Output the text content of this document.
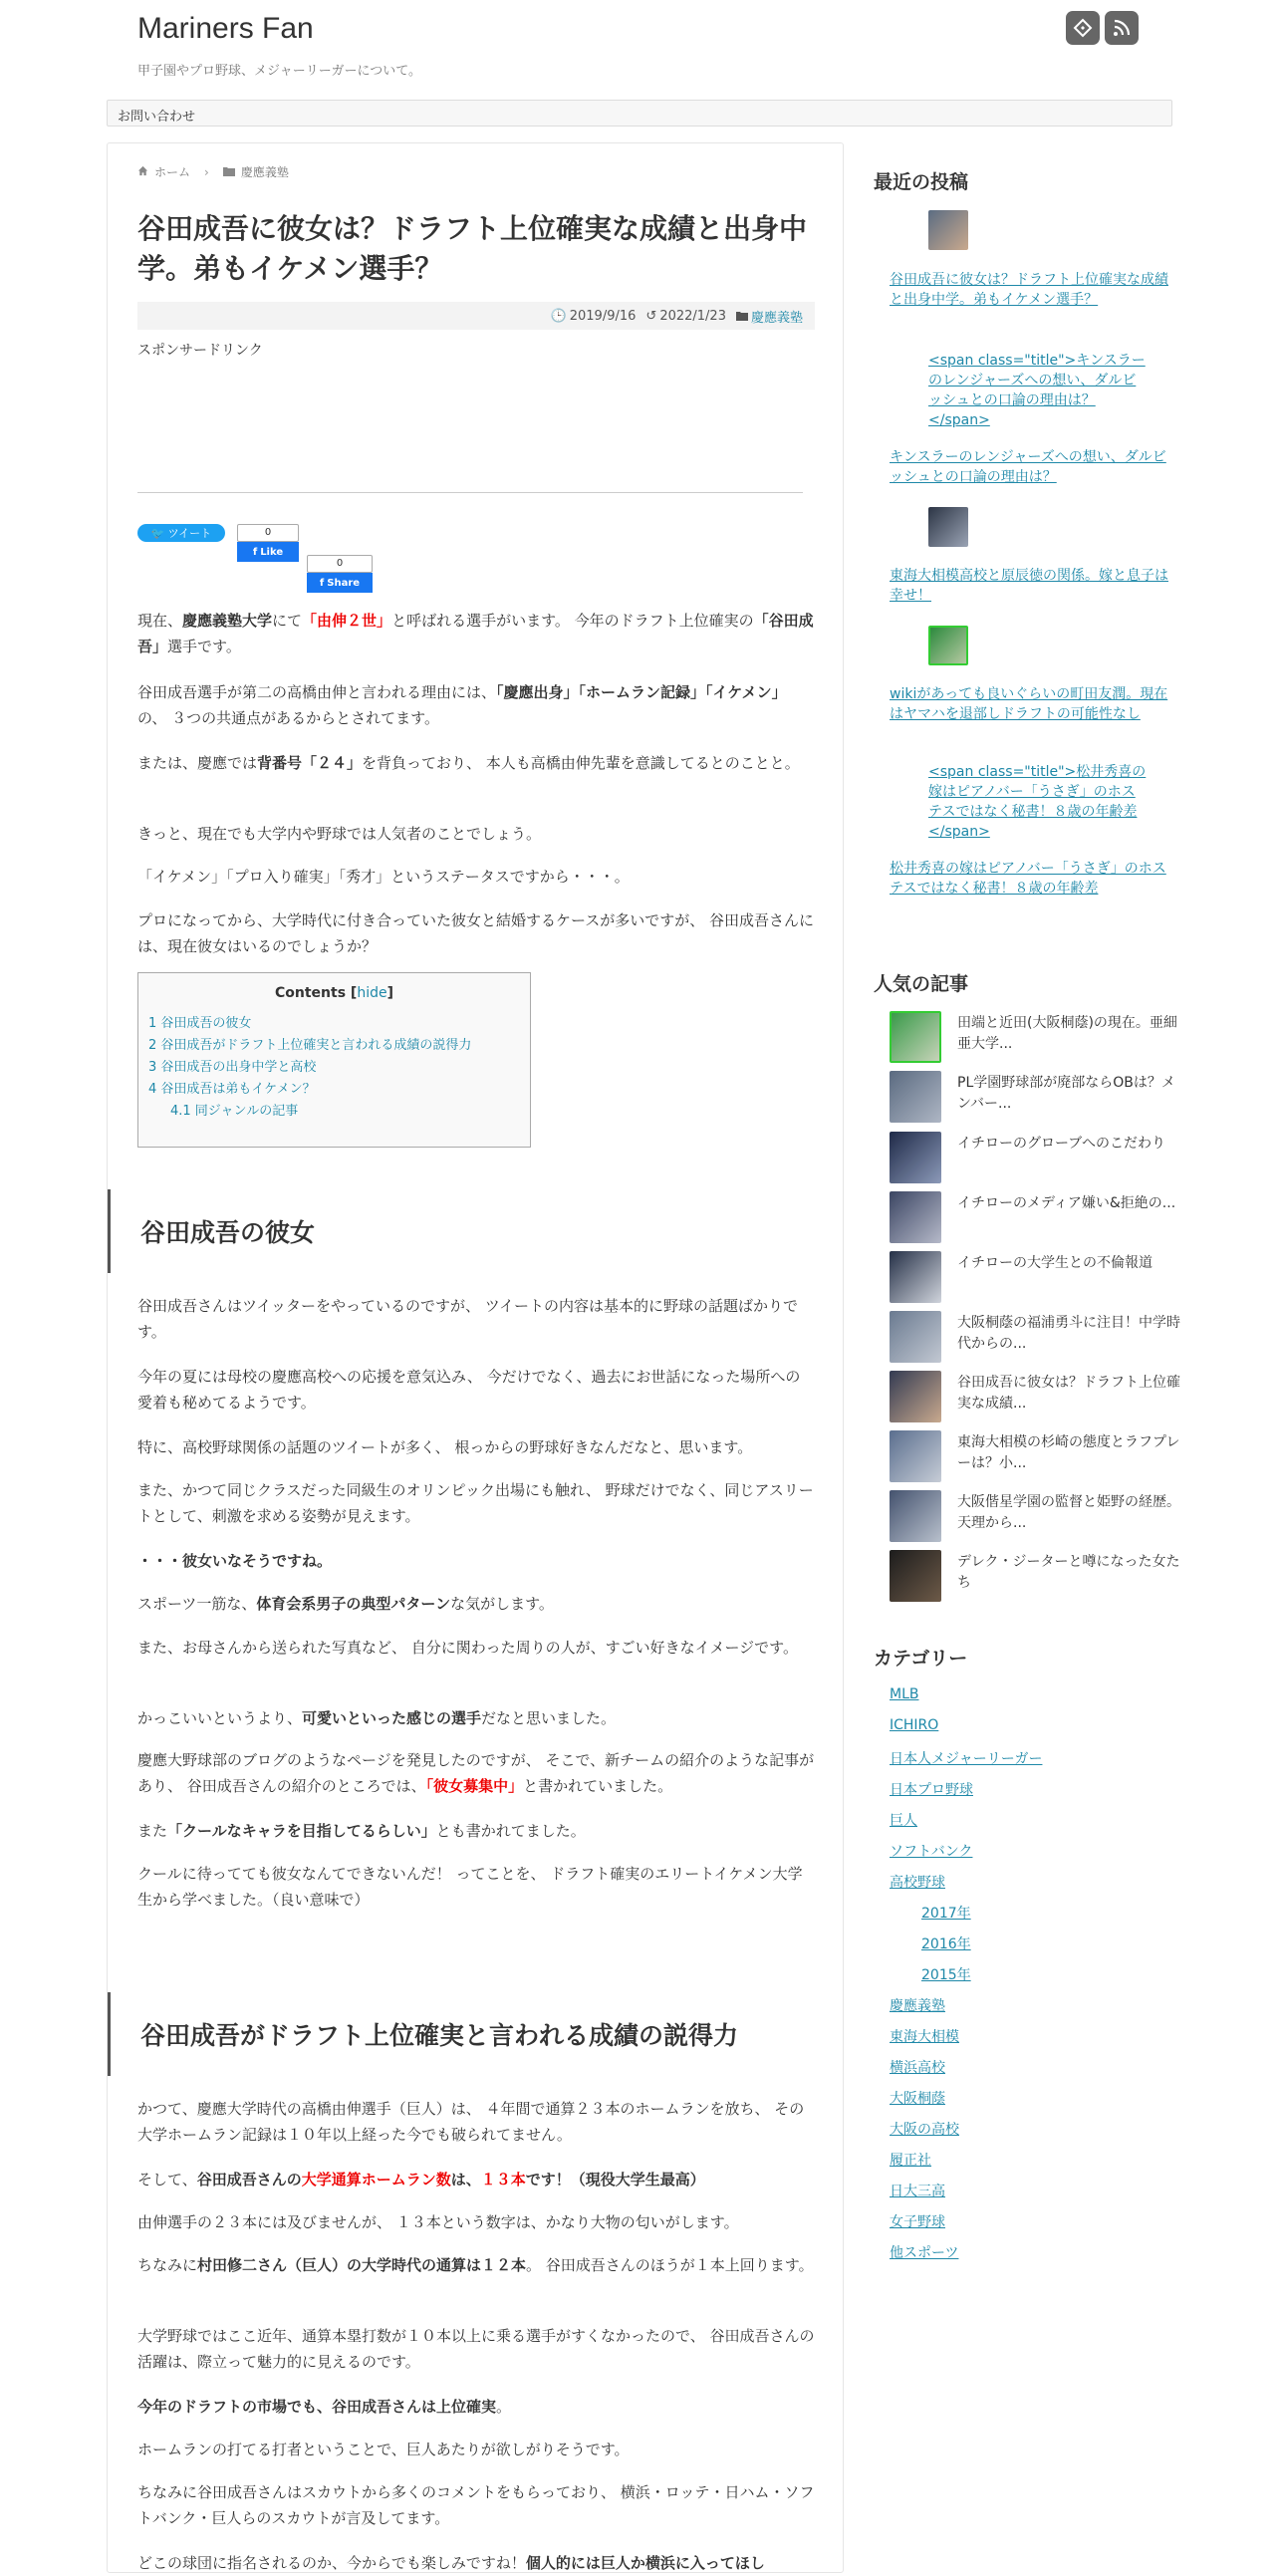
Mariners Fan
甲子園やプロ野球、メジャーリーガーについて。
お問い合わせ
ホーム ›	慶應義塾
谷田成吾に彼女は？ドラフト上位確実な成績と出身中学。弟もイケメン選手？
🕒 2019/9/16 ↺ 2022/1/23 慶應義塾
スポンサードリンク
🐦 ツイート	0
f Like
0
f Share

現在、慶應義塾大学にて「由伸２世」と呼ばれる選手がいます。 今年のドラフト上位確実の「谷田成吾」選手です。

谷田成吾選手が第二の高橋由伸と言われる理由には、「慶應出身」「ホームラン記録」「イケメン」の、 ３つの共通点があるからとされてます。

または、慶應では背番号「２４」を背負っており、 本人も高橋由伸先輩を意識してるとのことと。

きっと、現在でも大学内や野球では人気者のことでしょう。

「イケメン」「プロ入り確実」「秀才」というステータスですから・・・。

プロになってから、大学時代に付き合っていた彼女と結婚するケースが多いですが、 谷田成吾さんには、現在彼女はいるのでしょうか？

Contents [hide]
1 谷田成吾の彼女
2 谷田成吾がドラフト上位確実と言われる成績の説得力
3 谷田成吾の出身中学と高校
4 谷田成吾は弟もイケメン？
4.1 同ジャンルの記事
谷田成吾の彼女

谷田成吾さんはツイッターをやっているのですが、 ツイートの内容は基本的に野球の話題ばかりです。

今年の夏には母校の慶應高校への応援を意気込み、 今だけでなく、過去にお世話になった場所への愛着も秘めてるようです。

特に、高校野球関係の話題のツイートが多く、 根っからの野球好きなんだなと、思います。

また、かつて同じクラスだった同級生のオリンピック出場にも触れ、 野球だけでなく、同じアスリートとして、刺激を求める姿勢が見えます。

・・・彼女いなそうですね。

スポーツ一筋な、体育会系男子の典型パターンな気がします。

また、お母さんから送られた写真など、 自分に関わった周りの人が、すごい好きなイメージです。

かっこいいというより、可愛いといった感じの選手だなと思いました。

慶應大野球部のブログのようなページを発見したのですが、 そこで、新チームの紹介のような記事があり、 谷田成吾さんの紹介のところでは、「彼女募集中」と書かれていました。

また「クールなキャラを目指してるらしい」とも書かれてました。

クールに待ってても彼女なんてできないんだ！ ってことを、 ドラフト確実のエリートイケメン大学生から学べました。（良い意味で）

谷田成吾がドラフト上位確実と言われる成績の説得力

かつて、慶應大学時代の高橋由伸選手（巨人）は、 ４年間で通算２３本のホームランを放ち、 その大学ホームラン記録は１０年以上経った今でも破られてません。

そして、谷田成吾さんの大学通算ホームラン数は、１３本です！（現役大学生最高）

由伸選手の２３本には及びませんが、 １３本という数字は、かなり大物の匂いがします。

ちなみに村田修二さん（巨人）の大学時代の通算は１２本。 谷田成吾さんのほうが１本上回ります。

大学野球ではここ近年、通算本塁打数が１０本以上に乗る選手がすくなかったので、 谷田成吾さんの活躍は、際立って魅力的に見えるのです。

今年のドラフトの市場でも、谷田成吾さんは上位確実。

ホームランの打てる打者ということで、巨人あたりが欲しがりそうです。

ちなみに谷田成吾さんはスカウトから多くのコメントをもらっており、 横浜・ロッテ・日ハム・ソフトバンク・巨人らのスカウトが言及してます。

どこの球団に指名されるのか、今からでも楽しみですね！個人的には巨人か横浜に入ってほし

最近の投稿
谷田成吾に彼女は？ドラフト上位確実な成績と出身中学。弟もイケメン選手？
<span class="title">キンスラーのレンジャーズへの想い、ダルビッシュとの口論の理由は？</span>
キンスラーのレンジャーズへの想い、ダルビッシュとの口論の理由は？
東海大相模高校と原辰徳の関係。嫁と息子は幸せ！
wikiがあっても良いぐらいの町田友潤。現在はヤマハを退部しドラフトの可能性なし
<span class="title">松井秀喜の嫁はピアノバー「うさぎ」のホステスではなく秘書！８歳の年齢差</span>
松井秀喜の嫁はピアノバー「うさぎ」のホステスではなく秘書！８歳の年齢差
人気の記事
田端と近田(大阪桐蔭)の現在。亜細亜大学...
PL学園野球部が廃部ならOBは？メンバー...
イチローのグローブへのこだわり
イチローのメディア嫌い&拒絶の...
イチローの大学生との不倫報道
大阪桐蔭の福浦勇斗に注目！中学時代からの...
谷田成吾に彼女は？ドラフト上位確実な成績...
東海大相模の杉崎の態度とラフプレーは？小...
大阪偕星学園の監督と姫野の経歴。天理から...
デレク・ジーターと噂になった女たち
カテゴリー
MLB
ICHIRO
日本人メジャーリーガー
日本プロ野球
巨人
ソフトバンク
高校野球
2017年
2016年
2015年
慶應義塾
東海大相模
横浜高校
大阪桐蔭
大阪の高校
履正社
日大三高
女子野球
他スポーツ
